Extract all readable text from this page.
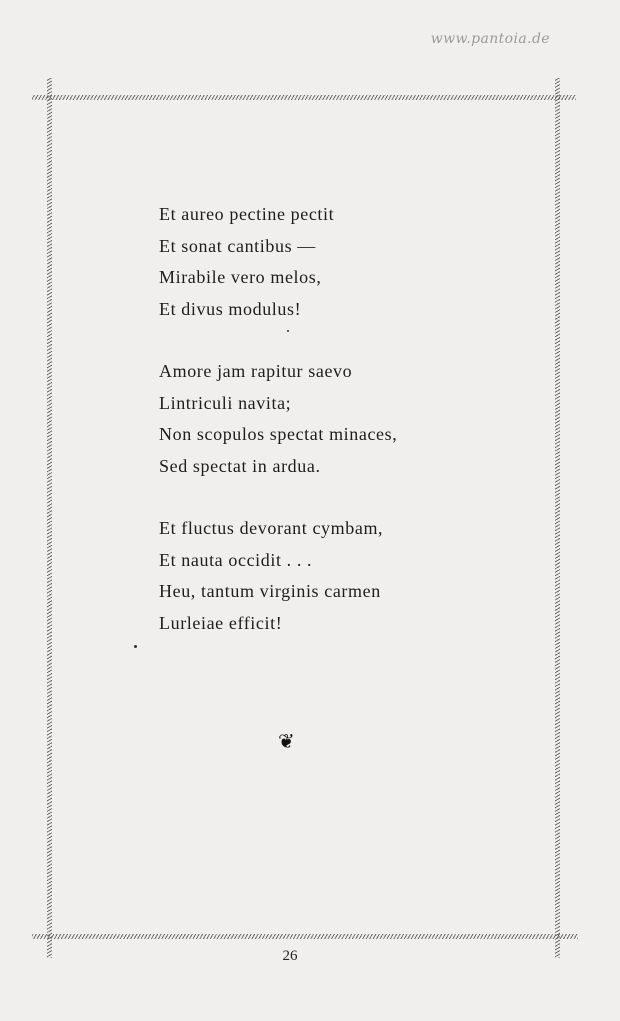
www.pantoia.de
Et aureo pectine pectit
Et sonat cantibus —
Mirabile vero melos,
Et divus modulus!
Amore jam rapitur saevo
Lintriculi navita;
Non scopulos spectat minaces,
Sed spectat in ardua.
Et fluctus devorant cymbam,
Et nauta occidit . . .
Heu, tantum virginis carmen
Lurleiae efficit!
❦
26
